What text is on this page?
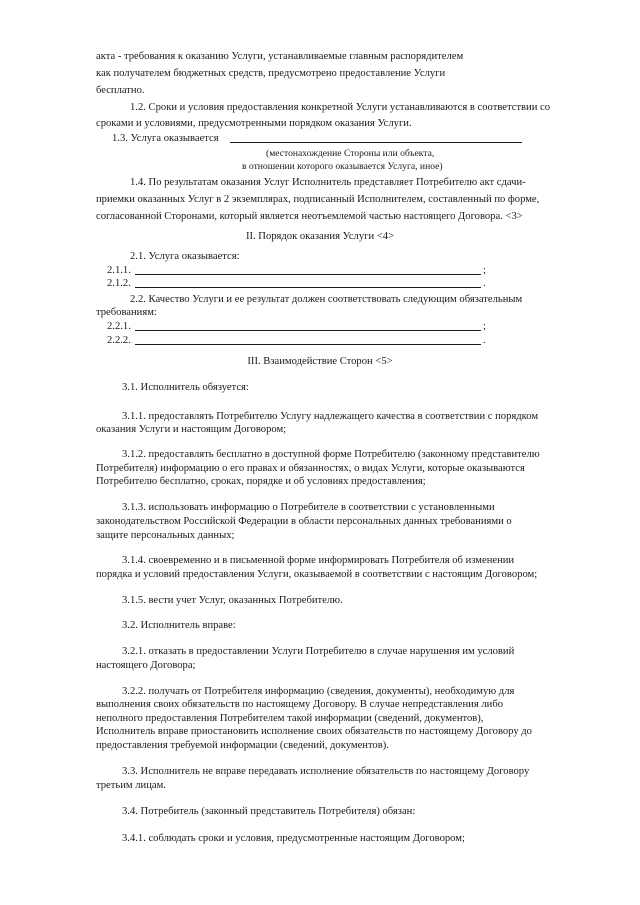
акта - требования к оказанию Услуги, устанавливаемые главным распорядителем

как получателем бюджетных средств, предусмотрено предоставление Услуги

бесплатно.

1.2. Сроки и условия предоставления конкретной Услуги устанавливаются в соответствии со

сроками и условиями, предусмотренными порядком оказания Услуги.

1.3. Услуга оказывается

(местонахождение Стороны или объекта,

в отношении которого оказывается Услуга, иное)

1.4. По результатам оказания Услуг Исполнитель представляет Потребителю акт сдачи-

приемки оказанных Услуг в 2 экземплярах, подписанный Исполнителем, составленный по форме,

согласованной Сторонами, который является неотъемлемой частью настоящего Договора. <3>

II. Порядок оказания Услуги <4>

2.1. Услуга оказывается:

2.1.1.	;
2.1.2.	.

2.2. Качество Услуги и ее результат должен соответствовать следующим обязательным

требованиям:

2.2.1.	;
2.2.2.	.

III. Взаимодействие Сторон <5>

3.1. Исполнитель обязуется:

3.1.1. предоставлять Потребителю Услугу надлежащего качества в соответствии с порядком

оказания Услуги и настоящим Договором;

3.1.2. предоставлять бесплатно в доступной форме Потребителю (законному представителю

Потребителя) информацию о его правах и обязанностях, о видах Услуги, которые оказываются

Потребителю бесплатно, сроках, порядке и об условиях предоставления;

3.1.3. использовать информацию о Потребителе в соответствии с установленными

законодательством Российской Федерации в области персональных данных требованиями о

защите персональных данных;

3.1.4. своевременно и в письменной форме информировать Потребителя об изменении

порядка и условий предоставления Услуги, оказываемой в соответствии с настоящим Договором;

3.1.5. вести учет Услуг, оказанных Потребителю.

3.2. Исполнитель вправе:

3.2.1. отказать в предоставлении Услуги Потребителю в случае нарушения им условий

настоящего Договора;

3.2.2. получать от Потребителя информацию (сведения, документы), необходимую для

выполнения своих обязательств по настоящему Договору. В случае непредставления либо

неполного предоставления Потребителем такой информации (сведений, документов),

Исполнитель вправе приостановить исполнение своих обязательств по настоящему Договору до

предоставления требуемой информации (сведений, документов).

3.3. Исполнитель не вправе передавать исполнение обязательств по настоящему Договору

третьим лицам.

3.4. Потребитель (законный представитель Потребителя) обязан:

3.4.1. соблюдать сроки и условия, предусмотренные настоящим Договором;
